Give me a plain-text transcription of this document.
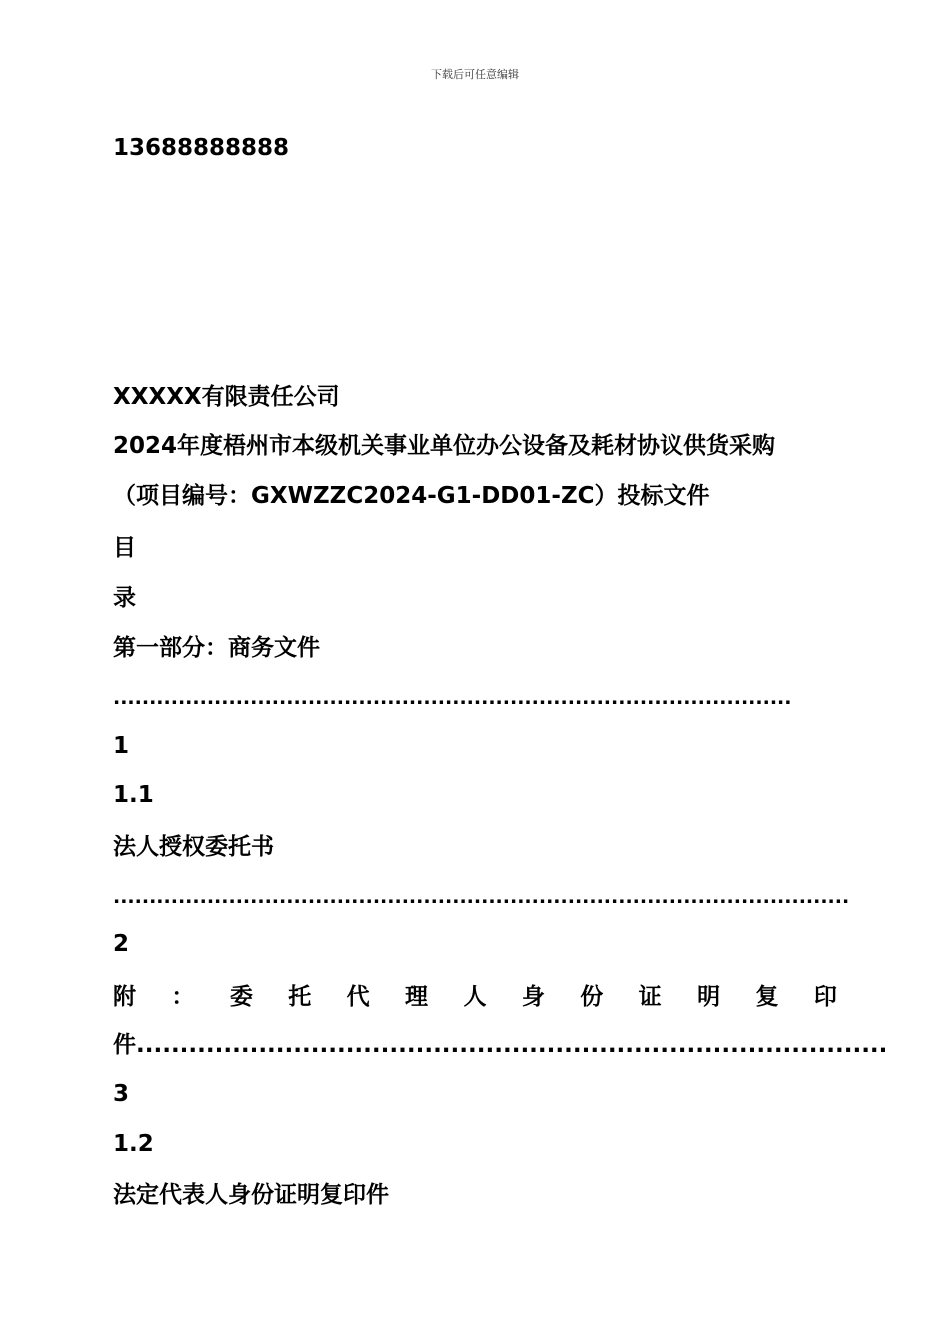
下载后可任意编辑
13688888888
XXXXX有限责任公司
2024年度梧州市本级机关事业单位办公设备及耗材协议供货采购
（项目编号：GXWZZC2024-G1-DD01-ZC）投标文件
目
录
第一部分：商务文件
..............................................................................................
1
1.1
法人授权委托书
......................................................................................................
2
附 ： 委 托 代 理 人 身 份 证 明 复 印
件......................................................................................
3
1.2
法定代表人身份证明复印件
